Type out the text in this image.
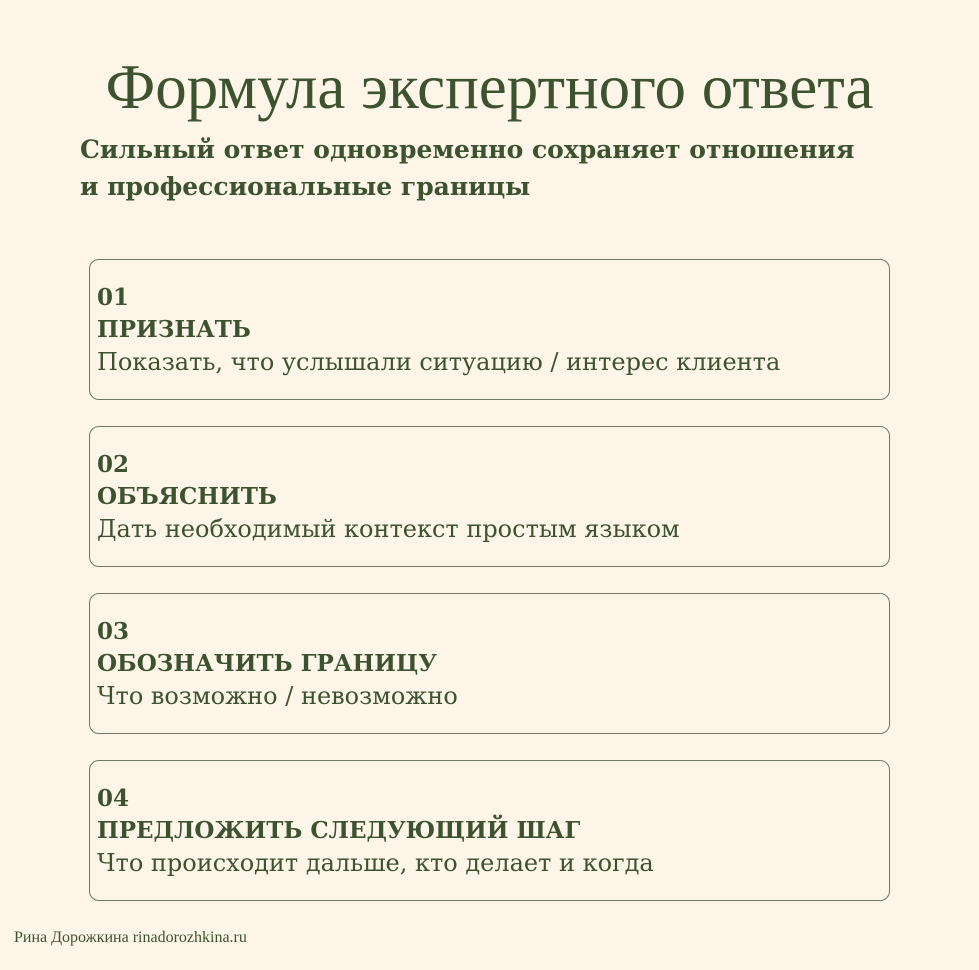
Формула экспертного ответа

Сильный ответ одновременно сохраняет отношения
и профессиональные границы

01
ПРИЗНАТЬ
Показать, что услышали ситуацию / интерес клиента
02
ОБЪЯСНИТЬ
Дать необходимый контекст простым языком
03
ОБОЗНАЧИТЬ ГРАНИЦУ
Что возможно / невозможно
04
ПРЕДЛОЖИТЬ СЛЕДУЮЩИЙ ШАГ
Что происходит дальше, кто делает и когда
Рина Дорожкина rinadorozhkina.ru
